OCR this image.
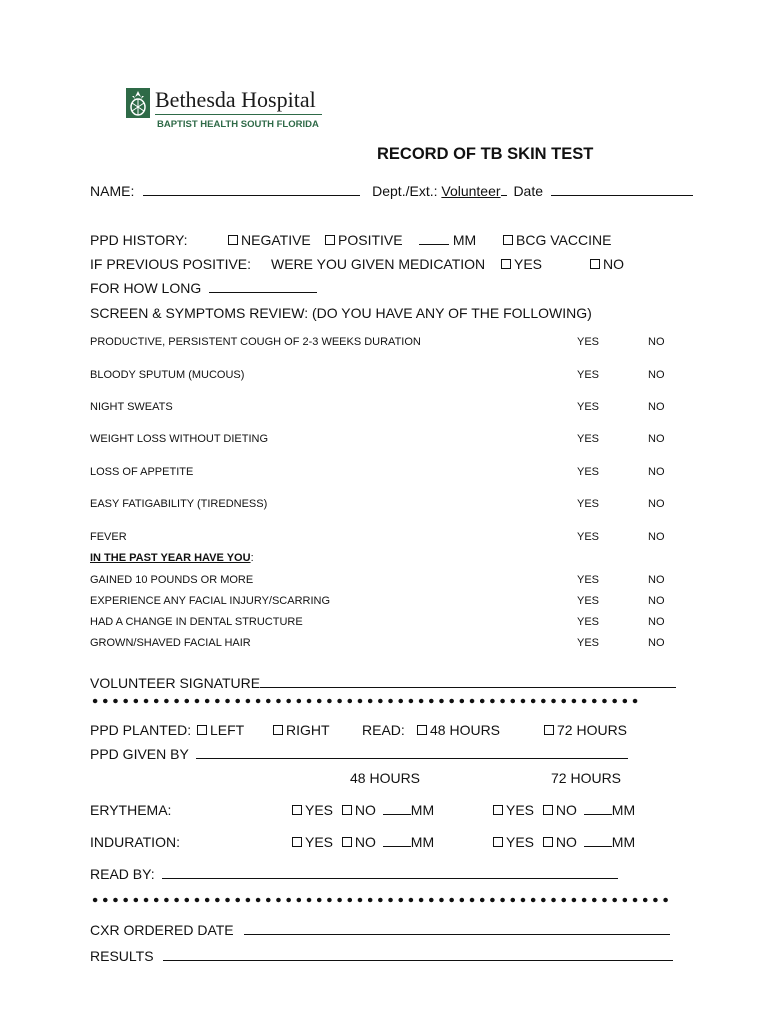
Bethesda Hospital
BAPTIST HEALTH SOUTH FLORIDA
RECORD OF TB SKIN TEST
NAME:	Dept./Ext.: Volunteer Date
PPD HISTORY:	NEGATIVE	POSITIVE	MM	BCG VACCINE
IF PREVIOUS POSITIVE: WERE YOU GIVEN MEDICATION	YES	NO
FOR HOW LONG
SCREEN & SYMPTOMS REVIEW: (DO YOU HAVE ANY OF THE FOLLOWING)
PRODUCTIVE, PERSISTENT COUGH OF 2-3 WEEKS DURATION	YES	NO
BLOODY SPUTUM (MUCOUS)	YES	NO
NIGHT SWEATS	YES	NO
WEIGHT LOSS WITHOUT DIETING	YES	NO
LOSS OF APPETITE	YES	NO
EASY FATIGABILITY (TIREDNESS)	YES	NO
FEVER	YES	NO
IN THE PAST YEAR HAVE YOU:
GAINED 10 POUNDS OR MORE	YES	NO
EXPERIENCE ANY FACIAL INJURY/SCARRING	YES	NO
HAD A CHANGE IN DENTAL STRUCTURE	YES	NO
GROWN/SHAVED FACIAL HAIR	YES	NO
VOLUNTEER SIGNATURE
PPD PLANTED:	LEFT	RIGHT READ:	48 HOURS	72 HOURS
PPD GIVEN BY
48 HOURS	72 HOURS
ERYTHEMA:	YES NO MM	YES NO MM
INDURATION:	YES NO MM	YES NO MM
READ BY:
CXR ORDERED DATE
RESULTS
